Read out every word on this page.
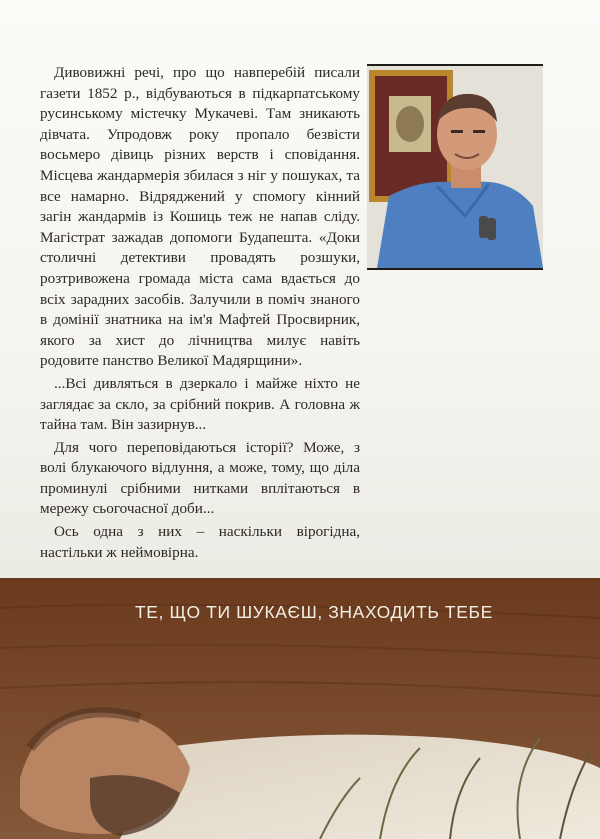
Дивовижні речі, про що навперебій писали газети 1852 р., відбуваються в підкарпатському русинському містечку Мукачеві. Там зникають дівчата. Упродовж року пропало безвісти восьмеро дівиць різних верств і сповідання. Місцева жандармерія збилася з ніг у пошуках, та все намарно. Відряджений у спомогу кінний загін жандармів із Кошиць теж не напав сліду. Магістрат зажадав допомоги Будапешта. «Доки столичні детективи провадять розшуки, розтривожена громада міста сама вдається до всіх зарадних засобів. Залучили в поміч знаного в домінії знатника на ім'я Мафтей Просвирник, якого за хист до лічництва милує навіть родовите панство Великої Мадярщини».

...Всі дивляться в дзеркало і майже ніхто не заглядає за скло, за срібний покрив. А головна ж тайна там. Він зазирнув...

Для чого переповідаються історії? Може, з волі блукаючого відлуння, а може, тому, що діла проминулі срібними нитками вплітаються в мережу сьогочасної доби...

Ось одна з них – наскільки вірогідна, настільки ж неймовірна.

ТЕ, ЩО ТИ ШУКАЄШ, ЗНАХОДИТЬ ТЕБЕ
